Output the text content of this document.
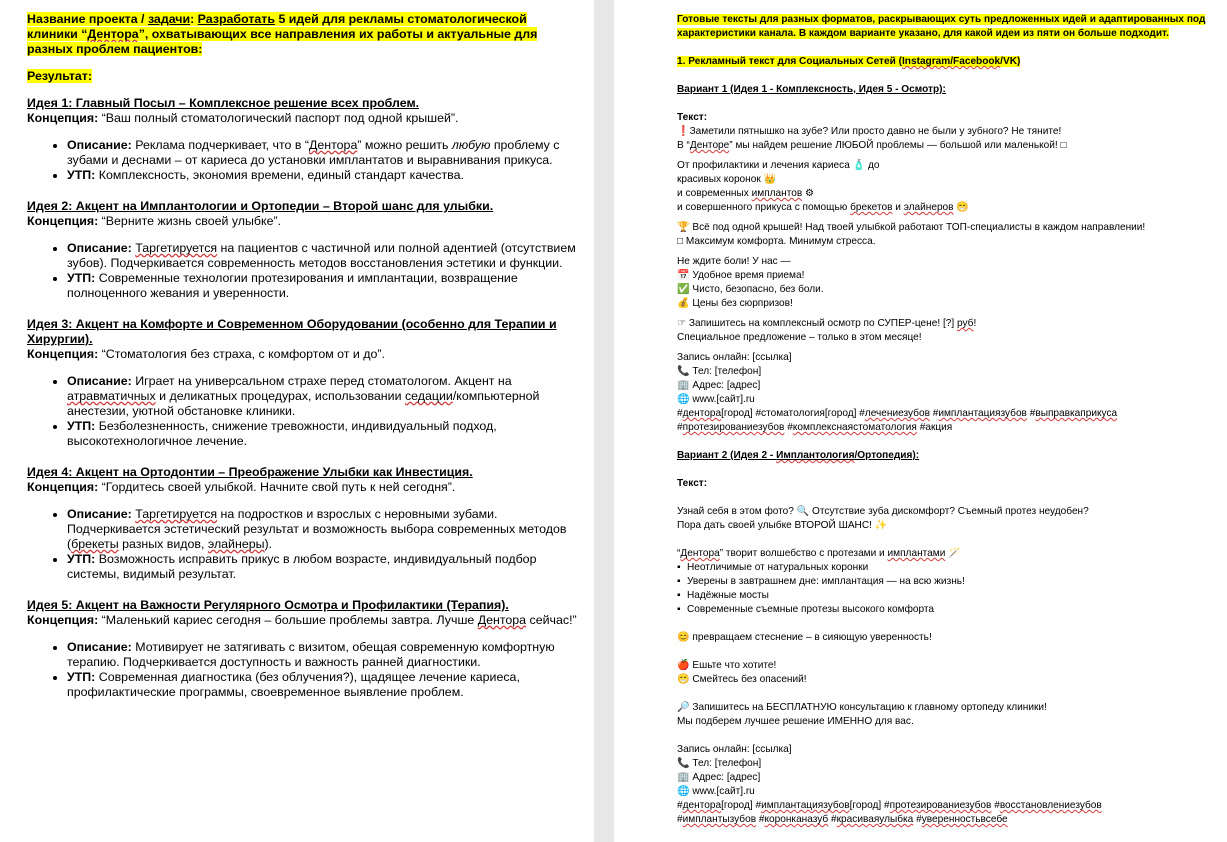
Название проекта / задачи: Разработать 5 идей для рекламы стоматологической клиники “Дентора”, охватывающих все направления их работы и актуальные для разных проблем пациентов:

Результат:

Идея 1: Главный Посыл – Комплексное решение всех проблем.

Концепция: “Ваш полный стоматологический паспорт под одной крышей”.

• Описание: Реклама подчеркивает, что в “Дентора” можно решить любую проблему с зубами и деснами – от кариеса до установки имплантатов и выравнивания прикуса.
• УТП: Комплексность, экономия времени, единый стандарт качества.

Идея 2: Акцент на Имплантологии и Ортопедии – Второй шанс для улыбки.

Концепция: “Верните жизнь своей улыбке”.

• Описание: Таргетируется на пациентов с частичной или полной адентией (отсутствием зубов). Подчеркивается современность методов восстановления эстетики и функции.
• УТП: Современные технологии протезирования и имплантации, возвращение полноценного жевания и уверенности.

Идея 3: Акцент на Комфорте и Современном Оборудовании (особенно для Терапии и Хирургии).

Концепция: “Стоматология без страха, с комфортом от и до”.

• Описание: Играет на универсальном страхе перед стоматологом. Акцент на атравматичных и деликатных процедурах, использовании седации/компьютерной анестезии, уютной обстановке клиники.
• УТП: Безболезненность, снижение тревожности, индивидуальный подход, высокотехнологичное лечение.

Идея 4: Акцент на Ортодонтии – Преображение Улыбки как Инвестиция.

Концепция: “Гордитесь своей улыбкой. Начните свой путь к ней сегодня”.

• Описание: Таргетируется на подростков и взрослых с неровными зубами. Подчеркивается эстетический результат и возможность выбора современных методов (брекеты разных видов, элайнеры).
• УТП: Возможность исправить прикус в любом возрасте, индивидуальный подбор системы, видимый результат.

Идея 5: Акцент на Важности Регулярного Осмотра и Профилактики (Терапия).

Концепция: “Маленький кариес сегодня – большие проблемы завтра. Лучше Дентора сейчас!”

• Описание: Мотивирует не затягивать с визитом, обещая современную комфортную терапию. Подчеркивается доступность и важность ранней диагностики.
• УТП: Современная диагностика (без облучения?), щадящее лечение кариеса, профилактические программы, своевременное выявление проблем.

Готовые тексты для разных форматов, раскрывающих суть предложенных идей и адаптированных под характеристики канала. В каждом варианте указано, для какой идеи из пяти он больше подходит.

1. Рекламный текст для Социальных Сетей (Instagram/Facebook/VK)

Вариант 1 (Идея 1 - Комплексность, Идея 5 - Осмотр):

Текст:

❗Заметили пятнышко на зубе? Или просто давно не были у зубного? Не тяните!

В “Денторе” мы найдем решение ЛЮБОЙ проблемы — большой или маленькой! □

От профилактики и лечения кариеса 🧴 до

красивых коронок 👑

и современных имплантов ⚙

и совершенного прикуса с помощью брекетов и элайнеров 😁

🏆 Всё под одной крышей! Над твоей улыбкой работают ТОП-специалисты в каждом направлении!

□ Максимум комфорта. Минимум стресса.

Не ждите боли! У нас —

📅 Удобное время приема!

✅ Чисто, безопасно, без боли.

💰 Цены без сюрпризов!

☞ Запишитесь на комплексный осмотр по СУПЕР-цене! [?] руб!

Специальное предложение – только в этом месяце!

Запись онлайн: [ссылка]

📞 Тел: [телефон]

🏢 Адрес: [адрес]

🌐 www.[сайт].ru

#дентора[город] #стоматология[город] #лечениезубов #имплантациязубов #выправкаприкуса

#протезированиезубов #комплекснаястоматология #акция

Вариант 2 (Идея 2 - Имплантология/Ортопедия):

Текст:

Узнай себя в этом фото? 🔍 Отсутствие зуба дискомфорт? Съемный протез неудобен?

Пора дать своей улыбке ВТОРОЙ ШАНС! ✨

“Дентора” творит волшебство с протезами и имплантами 🪄

▪ Неотличимые от натуральных коронки

▪ Уверены в завтрашнем дне: имплантация — на всю жизнь!

▪ Надёжные мосты

▪ Современные съемные протезы высокого комфорта

😊 превращаем стеснение – в сияющую уверенность!

🍎 Ешьте что хотите!

😁 Смейтесь без опасений!

🔎 Запишитесь на БЕСПЛАТНУЮ консультацию к главному ортопеду клиники!

Мы подберем лучшее решение ИМЕННО для вас.

Запись онлайн: [ссылка]

📞 Тел: [телефон]

🏢 Адрес: [адрес]

🌐 www.[сайт].ru

#дентора[город] #имплантациязубов[город] #протезированиезубов #восстановлениезубов

#имплантызубов #коронканазуб #красиваяулыбка #уверенностьвсебе
